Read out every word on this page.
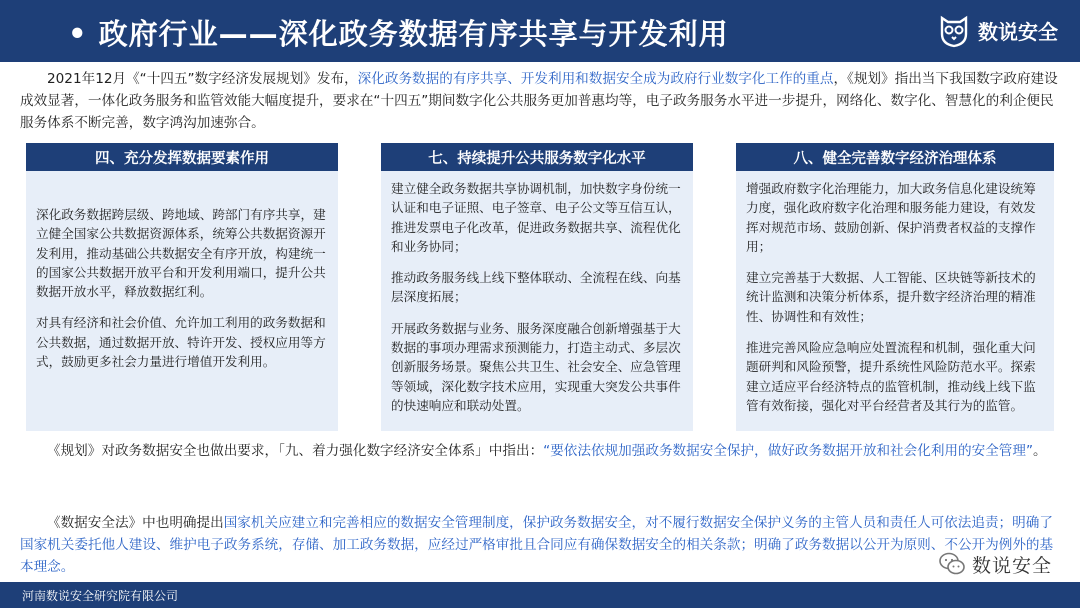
• 政府行业——深化政务数据有序共享与开发利用	数说安全
2021年12月《“十四五”数字经济发展规划》发布，深化政务数据的有序共享、开发利用和数据安全成为政府行业数字化工作的重点，《规划》指出当下我国数字政府建设成效显著，一体化政务服务和监管效能大幅度提升，要求在“十四五”期间数字化公共服务更加普惠均等，电子政务服务水平进一步提升，网络化、数字化、智慧化的利企便民服务体系不断完善，数字鸿沟加速弥合。
四、充分发挥数据要素作用

深化政务数据跨层级、跨地域、跨部门有序共享，建立健全国家公共数据资源体系，统筹公共数据资源开发利用，推动基础公共数据安全有序开放，构建统一的国家公共数据开放平台和开发利用端口，提升公共数据开放水平，释放数据红利。

对具有经济和社会价值、允许加工利用的政务数据和公共数据，通过数据开放、特许开发、授权应用等方式，鼓励更多社会力量进行增值开发利用。

七、持续提升公共服务数字化水平

建立健全政务数据共享协调机制，加快数字身份统一认证和电子证照、电子签章、电子公文等互信互认，推进发票电子化改革，促进政务数据共享、流程优化和业务协同；

推动政务服务线上线下整体联动、全流程在线、向基层深度拓展；

开展政务数据与业务、服务深度融合创新增强基于大数据的事项办理需求预测能力，打造主动式、多层次创新服务场景。聚焦公共卫生、社会安全、应急管理等领域，深化数字技术应用，实现重大突发公共事件的快速响应和联动处置。

八、健全完善数字经济治理体系

增强政府数字化治理能力，加大政务信息化建设统筹力度，强化政府数字化治理和服务能力建设，有效发挥对规范市场、鼓励创新、保护消费者权益的支撑作用；

建立完善基于大数据、人工智能、区块链等新技术的统计监测和决策分析体系，提升数字经济治理的精准性、协调性和有效性；

推进完善风险应急响应处置流程和机制，强化重大问题研判和风险预警，提升系统性风险防范水平。探索建立适应平台经济特点的监管机制，推动线上线下监管有效衔接，强化对平台经营者及其行为的监管。

《规划》对政务数据安全也做出要求，「九、着力强化数字经济安全体系」中指出：“要依法依规加强政务数据安全保护，做好政务数据开放和社会化利用的安全管理”。
《数据安全法》中也明确提出国家机关应建立和完善相应的数据安全管理制度，保护政务数据安全，对不履行数据安全保护义务的主管人员和责任人可依法追责；明确了国家机关委托他人建设、维护电子政务系统，存储、加工政务数据，应经过严格审批且合同应有确保数据安全的相关条款；明确了政务数据以公开为原则、不公开为例外的基本理念。	数说安全
河南数说安全研究院有限公司
